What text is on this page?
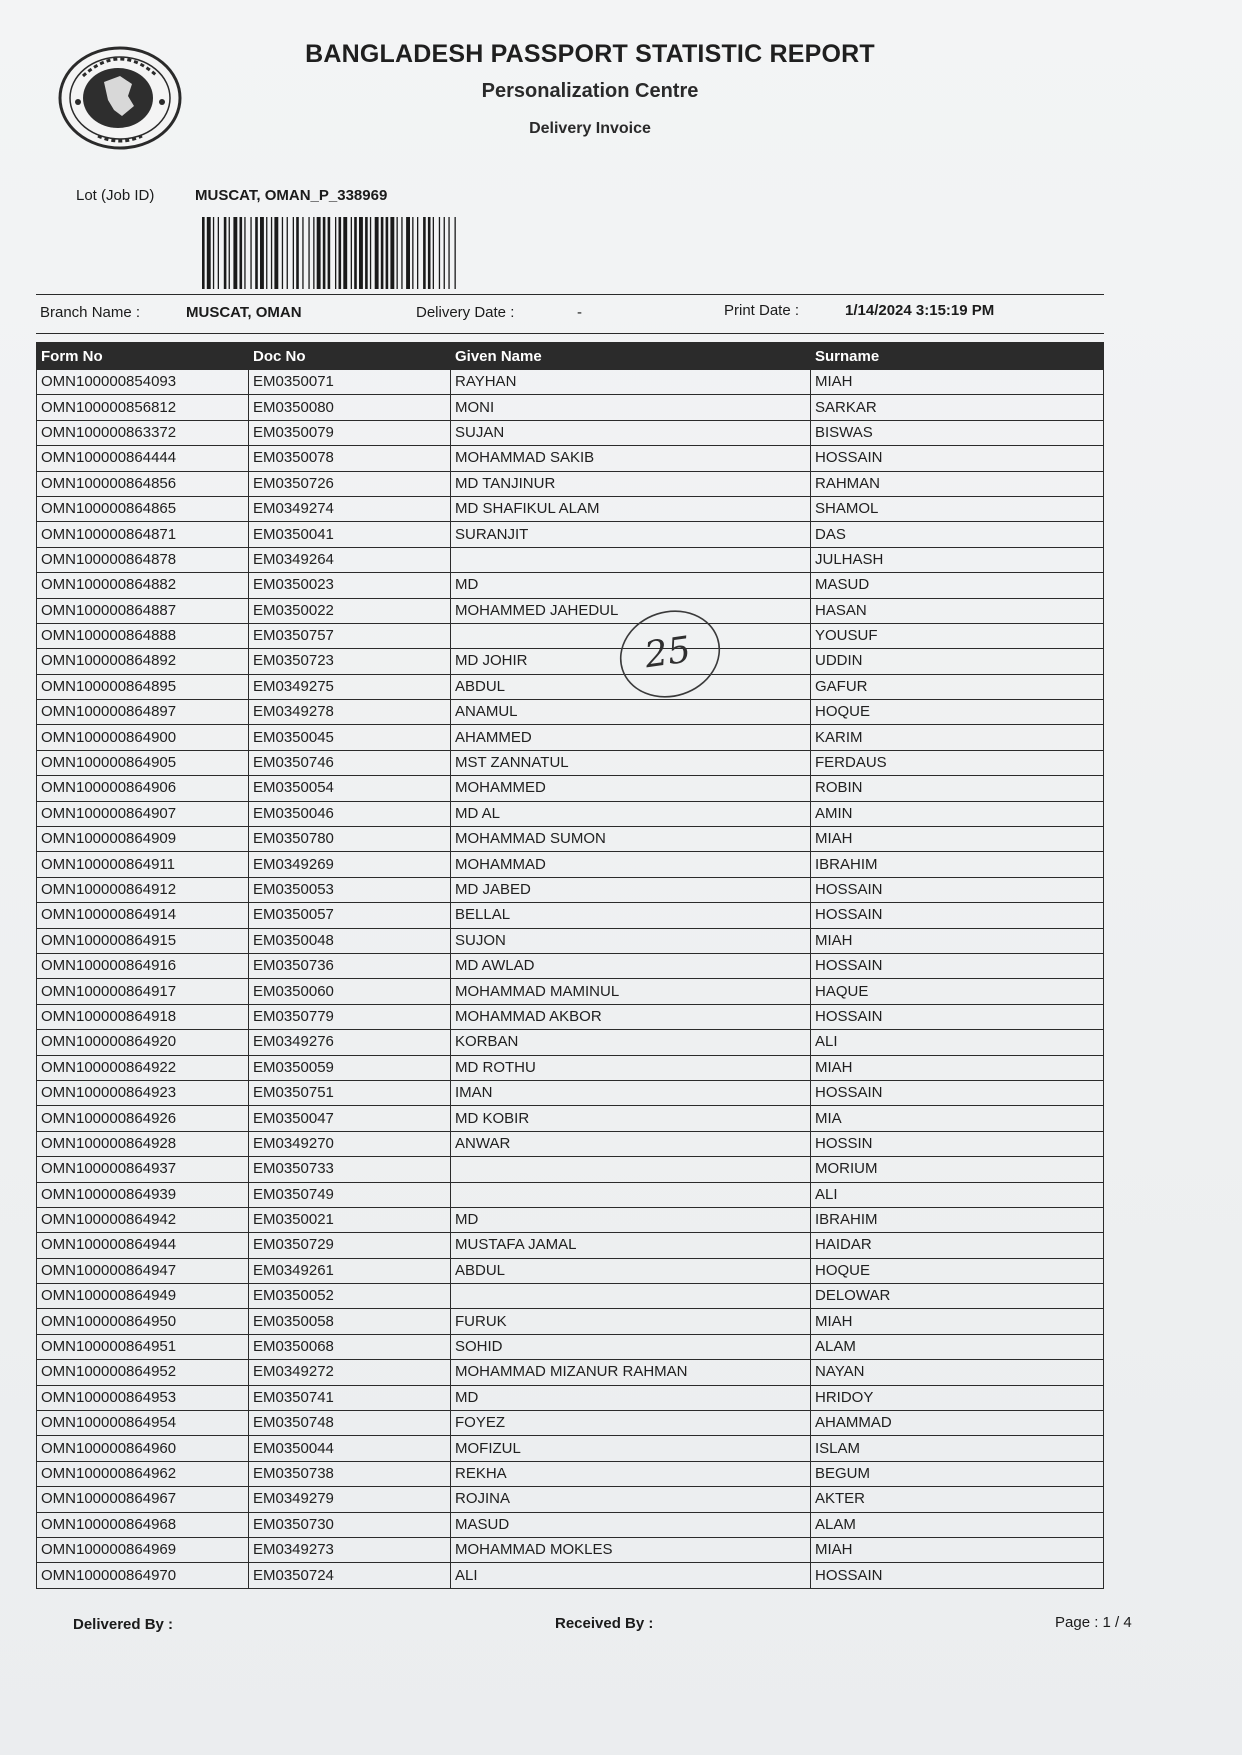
BANGLADESH PASSPORT STATISTIC REPORT
Personalization Centre
Delivery Invoice
Lot (Job ID)	MUSCAT, OMAN_P_338969
Branch Name :	MUSCAT, OMAN	Delivery Date :	-	Print Date :	1/14/2024 3:15:19 PM
Form No	Doc No	Given Name	Surname
OMN100000854093	EM0350071	RAYHAN	MIAH
OMN100000856812	EM0350080	MONI	SARKAR
OMN100000863372	EM0350079	SUJAN	BISWAS
OMN100000864444	EM0350078	MOHAMMAD SAKIB	HOSSAIN
OMN100000864856	EM0350726	MD TANJINUR	RAHMAN
OMN100000864865	EM0349274	MD SHAFIKUL ALAM	SHAMOL
OMN100000864871	EM0350041	SURANJIT	DAS
OMN100000864878	EM0349264		JULHASH
OMN100000864882	EM0350023	MD	MASUD
OMN100000864887	EM0350022	MOHAMMED JAHEDUL	HASAN
OMN100000864888	EM0350757		YOUSUF
OMN100000864892	EM0350723	MD JOHIR	UDDIN
OMN100000864895	EM0349275	ABDUL	GAFUR
OMN100000864897	EM0349278	ANAMUL	HOQUE
OMN100000864900	EM0350045	AHAMMED	KARIM
OMN100000864905	EM0350746	MST ZANNATUL	FERDAUS
OMN100000864906	EM0350054	MOHAMMED	ROBIN
OMN100000864907	EM0350046	MD AL	AMIN
OMN100000864909	EM0350780	MOHAMMAD SUMON	MIAH
OMN100000864911	EM0349269	MOHAMMAD	IBRAHIM
OMN100000864912	EM0350053	MD JABED	HOSSAIN
OMN100000864914	EM0350057	BELLAL	HOSSAIN
OMN100000864915	EM0350048	SUJON	MIAH
OMN100000864916	EM0350736	MD AWLAD	HOSSAIN
OMN100000864917	EM0350060	MOHAMMAD MAMINUL	HAQUE
OMN100000864918	EM0350779	MOHAMMAD AKBOR	HOSSAIN
OMN100000864920	EM0349276	KORBAN	ALI
OMN100000864922	EM0350059	MD ROTHU	MIAH
OMN100000864923	EM0350751	IMAN	HOSSAIN
OMN100000864926	EM0350047	MD KOBIR	MIA
OMN100000864928	EM0349270	ANWAR	HOSSIN
OMN100000864937	EM0350733		MORIUM
OMN100000864939	EM0350749		ALI
OMN100000864942	EM0350021	MD	IBRAHIM
OMN100000864944	EM0350729	MUSTAFA JAMAL	HAIDAR
OMN100000864947	EM0349261	ABDUL	HOQUE
OMN100000864949	EM0350052		DELOWAR
OMN100000864950	EM0350058	FURUK	MIAH
OMN100000864951	EM0350068	SOHID	ALAM
OMN100000864952	EM0349272	MOHAMMAD MIZANUR RAHMAN	NAYAN
OMN100000864953	EM0350741	MD	HRIDOY
OMN100000864954	EM0350748	FOYEZ	AHAMMAD
OMN100000864960	EM0350044	MOFIZUL	ISLAM
OMN100000864962	EM0350738	REKHA	BEGUM
OMN100000864967	EM0349279	ROJINA	AKTER
OMN100000864968	EM0350730	MASUD	ALAM
OMN100000864969	EM0349273	MOHAMMAD MOKLES	MIAH
OMN100000864970	EM0350724	ALI	HOSSAIN
25
Delivered By :	Received By :	Page : 1 / 4
